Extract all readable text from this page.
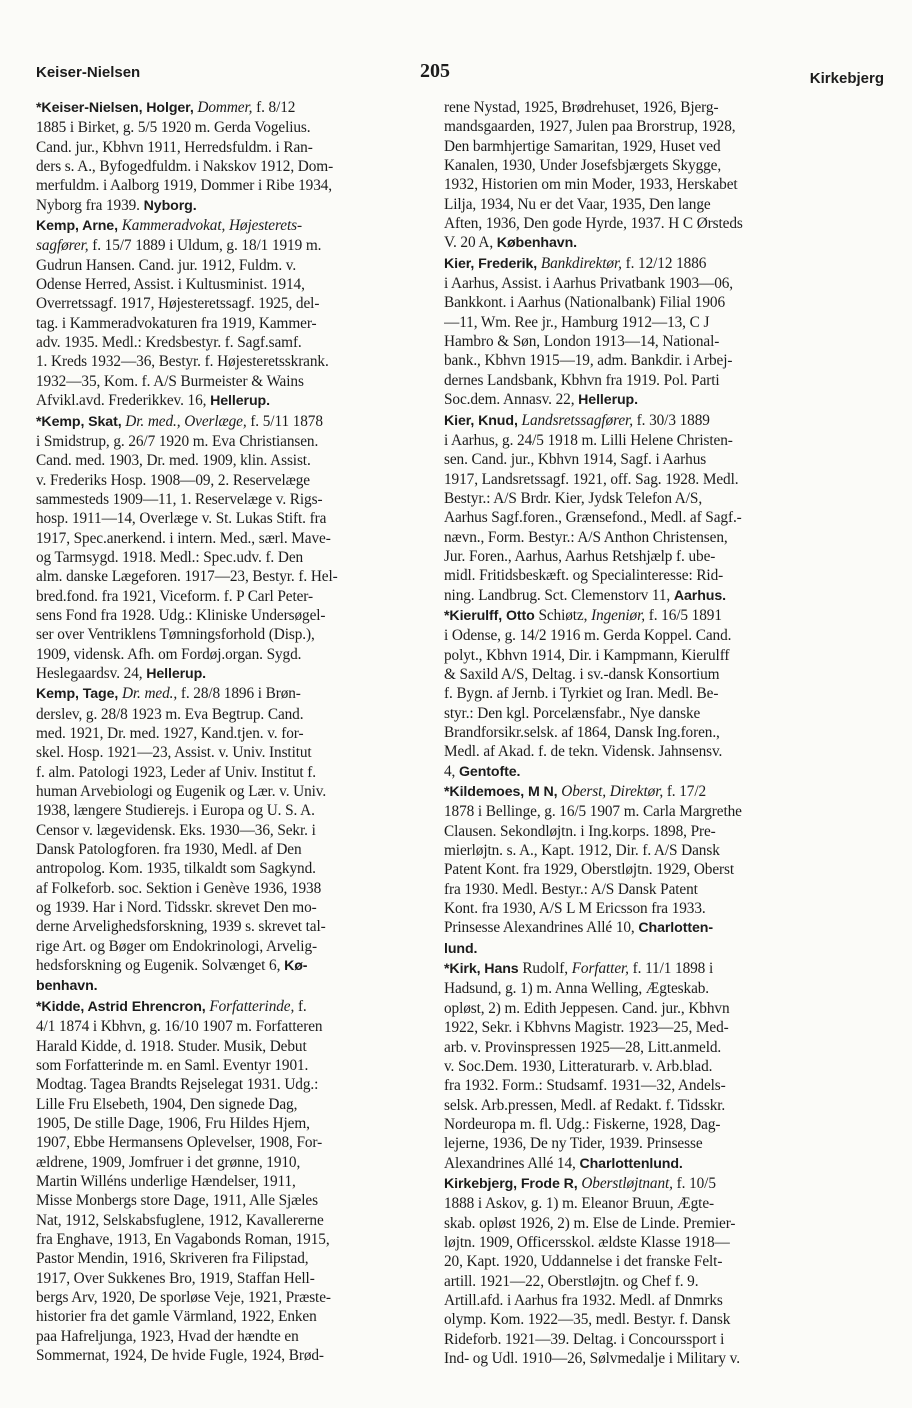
Keiser-Nielsen	205	Kirkebjerg
*Keiser-Nielsen, Holger, Dommer, f. 8/12
1885 i Birket, g. 5/5 1920 m. Gerda Vogelius.
Cand. jur., Kbhvn 1911, Herredsfuldm. i Ran-
ders s. A., Byfogedfuldm. i Nakskov 1912, Dom-
merfuldm. i Aalborg 1919, Dommer i Ribe 1934,
Nyborg fra 1939. Nyborg.
Kemp, Arne, Kammeradvokat, Højesterets-
sagfører, f. 15/7 1889 i Uldum, g. 18/1 1919 m.
Gudrun Hansen. Cand. jur. 1912, Fuldm. v.
Odense Herred, Assist. i Kultusminist. 1914,
Overretssagf. 1917, Højesteretssagf. 1925, del-
tag. i Kammeradvokaturen fra 1919, Kammer-
adv. 1935. Medl.: Kredsbestyr. f. Sagf.samf.
1. Kreds 1932—36, Bestyr. f. Højesteretsskrank.
1932—35, Kom. f. A/S Burmeister & Wains
Afvikl.avd. Frederikkev. 16, Hellerup.
*Kemp, Skat, Dr. med., Overlæge, f. 5/11 1878
i Smidstrup, g. 26/7 1920 m. Eva Christiansen.
Cand. med. 1903, Dr. med. 1909, klin. Assist.
v. Frederiks Hosp. 1908—09, 2. Reservelæge
sammesteds 1909—11, 1. Reservelæge v. Rigs-
hosp. 1911—14, Overlæge v. St. Lukas Stift. fra
1917, Spec.anerkend. i intern. Med., særl. Mave-
og Tarmsygd. 1918. Medl.: Spec.udv. f. Den
alm. danske Lægeforen. 1917—23, Bestyr. f. Hel-
bred.fond. fra 1921, Viceform. f. P Carl Peter-
sens Fond fra 1928. Udg.: Kliniske Undersøgel-
ser over Ventriklens Tømningsforhold (Disp.),
1909, vidensk. Afh. om Fordøj.organ. Sygd.
Heslegaardsv. 24, Hellerup.
Kemp, Tage, Dr. med., f. 28/8 1896 i Brøn-
derslev, g. 28/8 1923 m. Eva Begtrup. Cand.
med. 1921, Dr. med. 1927, Kand.tjen. v. for-
skel. Hosp. 1921—23, Assist. v. Univ. Institut
f. alm. Patologi 1923, Leder af Univ. Institut f.
human Arvebiologi og Eugenik og Lær. v. Univ.
1938, længere Studierejs. i Europa og U. S. A.
Censor v. lægevidensk. Eks. 1930—36, Sekr. i
Dansk Patologforen. fra 1930, Medl. af Den
antropolog. Kom. 1935, tilkaldt som Sagkynd.
af Folkeforb. soc. Sektion i Genève 1936, 1938
og 1939. Har i Nord. Tidsskr. skrevet Den mo-
derne Arvelighedsforskning, 1939 s. skrevet tal-
rige Art. og Bøger om Endokrinologi, Arvelig-
hedsforskning og Eugenik. Solvænget 6, Kø-
benhavn.
*Kidde, Astrid Ehrencron, Forfatterinde, f.
4/1 1874 i Kbhvn, g. 16/10 1907 m. Forfatteren
Harald Kidde, d. 1918. Studer. Musik, Debut
som Forfatterinde m. en Saml. Eventyr 1901.
Modtag. Tagea Brandts Rejselegat 1931. Udg.:
Lille Fru Elsebeth, 1904, Den signede Dag,
1905, De stille Dage, 1906, Fru Hildes Hjem,
1907, Ebbe Hermansens Oplevelser, 1908, For-
ældrene, 1909, Jomfruer i det grønne, 1910,
Martin Willéns underlige Hændelser, 1911,
Misse Monbergs store Dage, 1911, Alle Sjæles
Nat, 1912, Selskabsfuglene, 1912, Kavallererne
fra Enghave, 1913, En Vagabonds Roman, 1915,
Pastor Mendin, 1916, Skriveren fra Filipstad,
1917, Over Sukkenes Bro, 1919, Staffan Hell-
bergs Arv, 1920, De sporløse Veje, 1921, Præste-
historier fra det gamle Värmland, 1922, Enken
paa Hafreljunga, 1923, Hvad der hændte en
Sommernat, 1924, De hvide Fugle, 1924, Brød-
rene Nystad, 1925, Brødrehuset, 1926, Bjerg-
mandsgaarden, 1927, Julen paa Brorstrup, 1928,
Den barmhjertige Samaritan, 1929, Huset ved
Kanalen, 1930, Under Josefsbjærgets Skygge,
1932, Historien om min Moder, 1933, Herskabet
Lilja, 1934, Nu er det Vaar, 1935, Den lange
Aften, 1936, Den gode Hyrde, 1937. H C Ørsteds
V. 20 A, København.
Kier, Frederik, Bankdirektør, f. 12/12 1886
i Aarhus, Assist. i Aarhus Privatbank 1903—06,
Bankkont. i Aarhus (Nationalbank) Filial 1906
—11, Wm. Ree jr., Hamburg 1912—13, C J
Hambro & Søn, London 1913—14, National-
bank., Kbhvn 1915—19, adm. Bankdir. i Arbej-
dernes Landsbank, Kbhvn fra 1919. Pol. Parti
Soc.dem. Annasv. 22, Hellerup.
Kier, Knud, Landsretssagfører, f. 30/3 1889
i Aarhus, g. 24/5 1918 m. Lilli Helene Christen-
sen. Cand. jur., Kbhvn 1914, Sagf. i Aarhus
1917, Landsretssagf. 1921, off. Sag. 1928. Medl.
Bestyr.: A/S Brdr. Kier, Jydsk Telefon A/S,
Aarhus Sagf.foren., Grænsefond., Medl. af Sagf.-
nævn., Form. Bestyr.: A/S Anthon Christensen,
Jur. Foren., Aarhus, Aarhus Retshjælp f. ube-
midl. Fritidsbeskæft. og Specialinteresse: Rid-
ning. Landbrug. Sct. Clemenstorv 11, Aarhus.
*Kierulff, Otto Schiøtz, Ingeniør, f. 16/5 1891
i Odense, g. 14/2 1916 m. Gerda Koppel. Cand.
polyt., Kbhvn 1914, Dir. i Kampmann, Kierulff
& Saxild A/S, Deltag. i sv.-dansk Konsortium
f. Bygn. af Jernb. i Tyrkiet og Iran. Medl. Be-
styr.: Den kgl. Porcelænsfabr., Nye danske
Brandforsikr.selsk. af 1864, Dansk Ing.foren.,
Medl. af Akad. f. de tekn. Vidensk. Jahnsensv.
4, Gentofte.
*Kildemoes, M N, Oberst, Direktør, f. 17/2
1878 i Bellinge, g. 16/5 1907 m. Carla Margrethe
Clausen. Sekondløjtn. i Ing.korps. 1898, Pre-
mierløjtn. s. A., Kapt. 1912, Dir. f. A/S Dansk
Patent Kont. fra 1929, Oberstløjtn. 1929, Oberst
fra 1930. Medl. Bestyr.: A/S Dansk Patent
Kont. fra 1930, A/S L M Ericsson fra 1933.
Prinsesse Alexandrines Allé 10, Charlotten-
lund.
*Kirk, Hans Rudolf, Forfatter, f. 11/1 1898 i
Hadsund, g. 1) m. Anna Welling, Ægteskab.
opløst, 2) m. Edith Jeppesen. Cand. jur., Kbhvn
1922, Sekr. i Kbhvns Magistr. 1923—25, Med-
arb. v. Provinspressen 1925—28, Litt.anmeld.
v. Soc.Dem. 1930, Litteraturarb. v. Arb.blad.
fra 1932. Form.: Studsamf. 1931—32, Andels-
selsk. Arb.pressen, Medl. af Redakt. f. Tidsskr.
Nordeuropa m. fl. Udg.: Fiskerne, 1928, Dag-
lejerne, 1936, De ny Tider, 1939. Prinsesse
Alexandrines Allé 14, Charlottenlund.
Kirkebjerg, Frode R, Oberstløjtnant, f. 10/5
1888 i Askov, g. 1) m. Eleanor Bruun, Ægte-
skab. opløst 1926, 2) m. Else de Linde. Premier-
løjtn. 1909, Officersskol. ældste Klasse 1918—
20, Kapt. 1920, Uddannelse i det franske Felt-
artill. 1921—22, Oberstløjtn. og Chef f. 9.
Artill.afd. i Aarhus fra 1932. Medl. af Dnmrks
olymp. Kom. 1922—35, medl. Bestyr. f. Dansk
Rideforb. 1921—39. Deltag. i Concourssport i
Ind- og Udl. 1910—26, Sølvmedalje i Military v.
